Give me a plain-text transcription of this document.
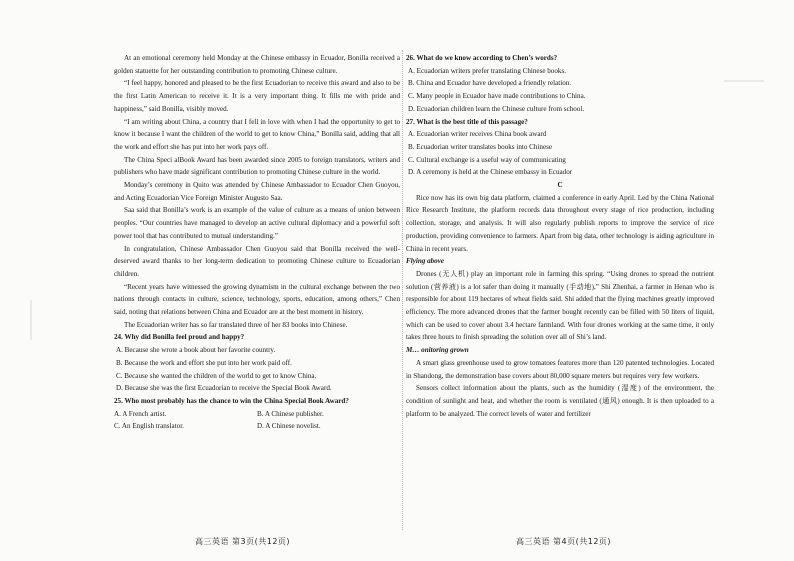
At an emotional ceremony held Monday at the Chinese embassy in Ecuador, Bonilla received a golden statuette for her outstanding contribution to promoting Chinese culture.

“I feel happy, honored and pleased to be the first Ecuadorian to receive this award and also to be the first Latin American to receive it. It is a very important thing. It fills me with pride and happiness,” said Bonilla, visibly moved.

“I am writing about China, a country that I fell in love with when I had the opportunity to get to know it because I want the children of the world to get to know China,” Bonilla said, adding that all the work and effort she has put into her work pays off.

The China Speci alBook Award has been awarded since 2005 to foreign translators, writers and publishers who have made significant contribution to promoting Chinese culture in the world.

Monday’s ceremony in Quito was attended by Chinese Ambassador to Ecuador Chen Guoyou, and Acting Ecuadorian Vice Foreign Minister Augusto Saa.

Saa said that Bonilla’s work is an example of the value of culture as a means of union between peoples. “Our countries have managed to develop an active cultural diplomacy and a powerful soft power tool that has contributed to mutual understanding.”

In congratulation, Chinese Ambassador Chen Guoyou said that Bonilla received the well-deserved award thanks to her long-term dedication to promoting Chinese culture to Ecuadorian children.

“Recent years have witnessed the growing dynamism in the cultural exchange between the two nations through contacts in culture, science, technology, sports, education, among others,” Chen said, noting that relations between China and Ecuador are at the best moment in history.

The Ecuadorian writer has so far translated three of her 83 books into Chinese.

24. Why did Bonilla feel proud and happy?

A. Because she wrote a book about her favorite country.

B. Because the work and effort she put into her work paid off.

C. Because she wanted the children of the world to get to know China.

D. Because she was the first Ecuadorian to receive the Special Book Award.

25. Who most probably has the chance to win the China Special Book Award?

A. A French artist.	B. A Chinese publisher.
C. An English translator.	D. A Chinese novelist.

26. What do we know according to Chen’s words?

A. Ecuadorian writers prefer translating Chinese books.

B. China and Ecuador have developed a friendly relation.

C. Many people in Ecuador have made contributions to China.

D. Ecuadorian children learn the Chinese culture from school.

27. What is the best title of this passage?

A. Ecuadorian writer receives China book award

B. Ecuadorian writer translates books into Chinese

C. Cultural exchange is a useful way of communicating

D. A ceremony is held at the Chinese embassy in Ecuador

C

Rice now has its own big data platform, claimed a conference in early April. Led by the China National Rice Research Institute, the platform records data throughout every stage of rice production, including collection, storage, and analysis. It will also regularly publish reports to improve the service of rice production, providing convenience to farmers. Apart from big data, other technology is aiding agriculture in China in recent years.

Flying above

Drones (无人机) play an important role in farming this spring. “Using drones to spread the nutrient solution (营养液) is a lot safer than doing it manually (手动地),” Shi Zhenhai, a farmer in Henan who is responsible for about 119 hectares of wheat fields said. Shi added that the flying machines greatly improved efficiency. The more advanced drones that the farmer bought recently can be filled with 50 liters of liquid, which can be used to cover about 3.4 hectare farmland. With four drones working at the same time, it only takes three hours to finish spreading the solution over all of Shi’s land.

M… onitoring grown

A smart glass greenhouse used to grow tomatoes features more than 120 patented technologies. Located in Shandong, the demonstration base covers about 80,000 square meters but requires very few workers.

Sensors collect information about the plants, such as the humidity (湿度) of the environment, the condition of sunlight and heat, and whether the room is ventilated (通风) enough. It is then uploaded to a platform to be analyzed. The correct levels of water and fertilizer

高三英语 第3页(共12页)	高三英语 第4页(共12页)
